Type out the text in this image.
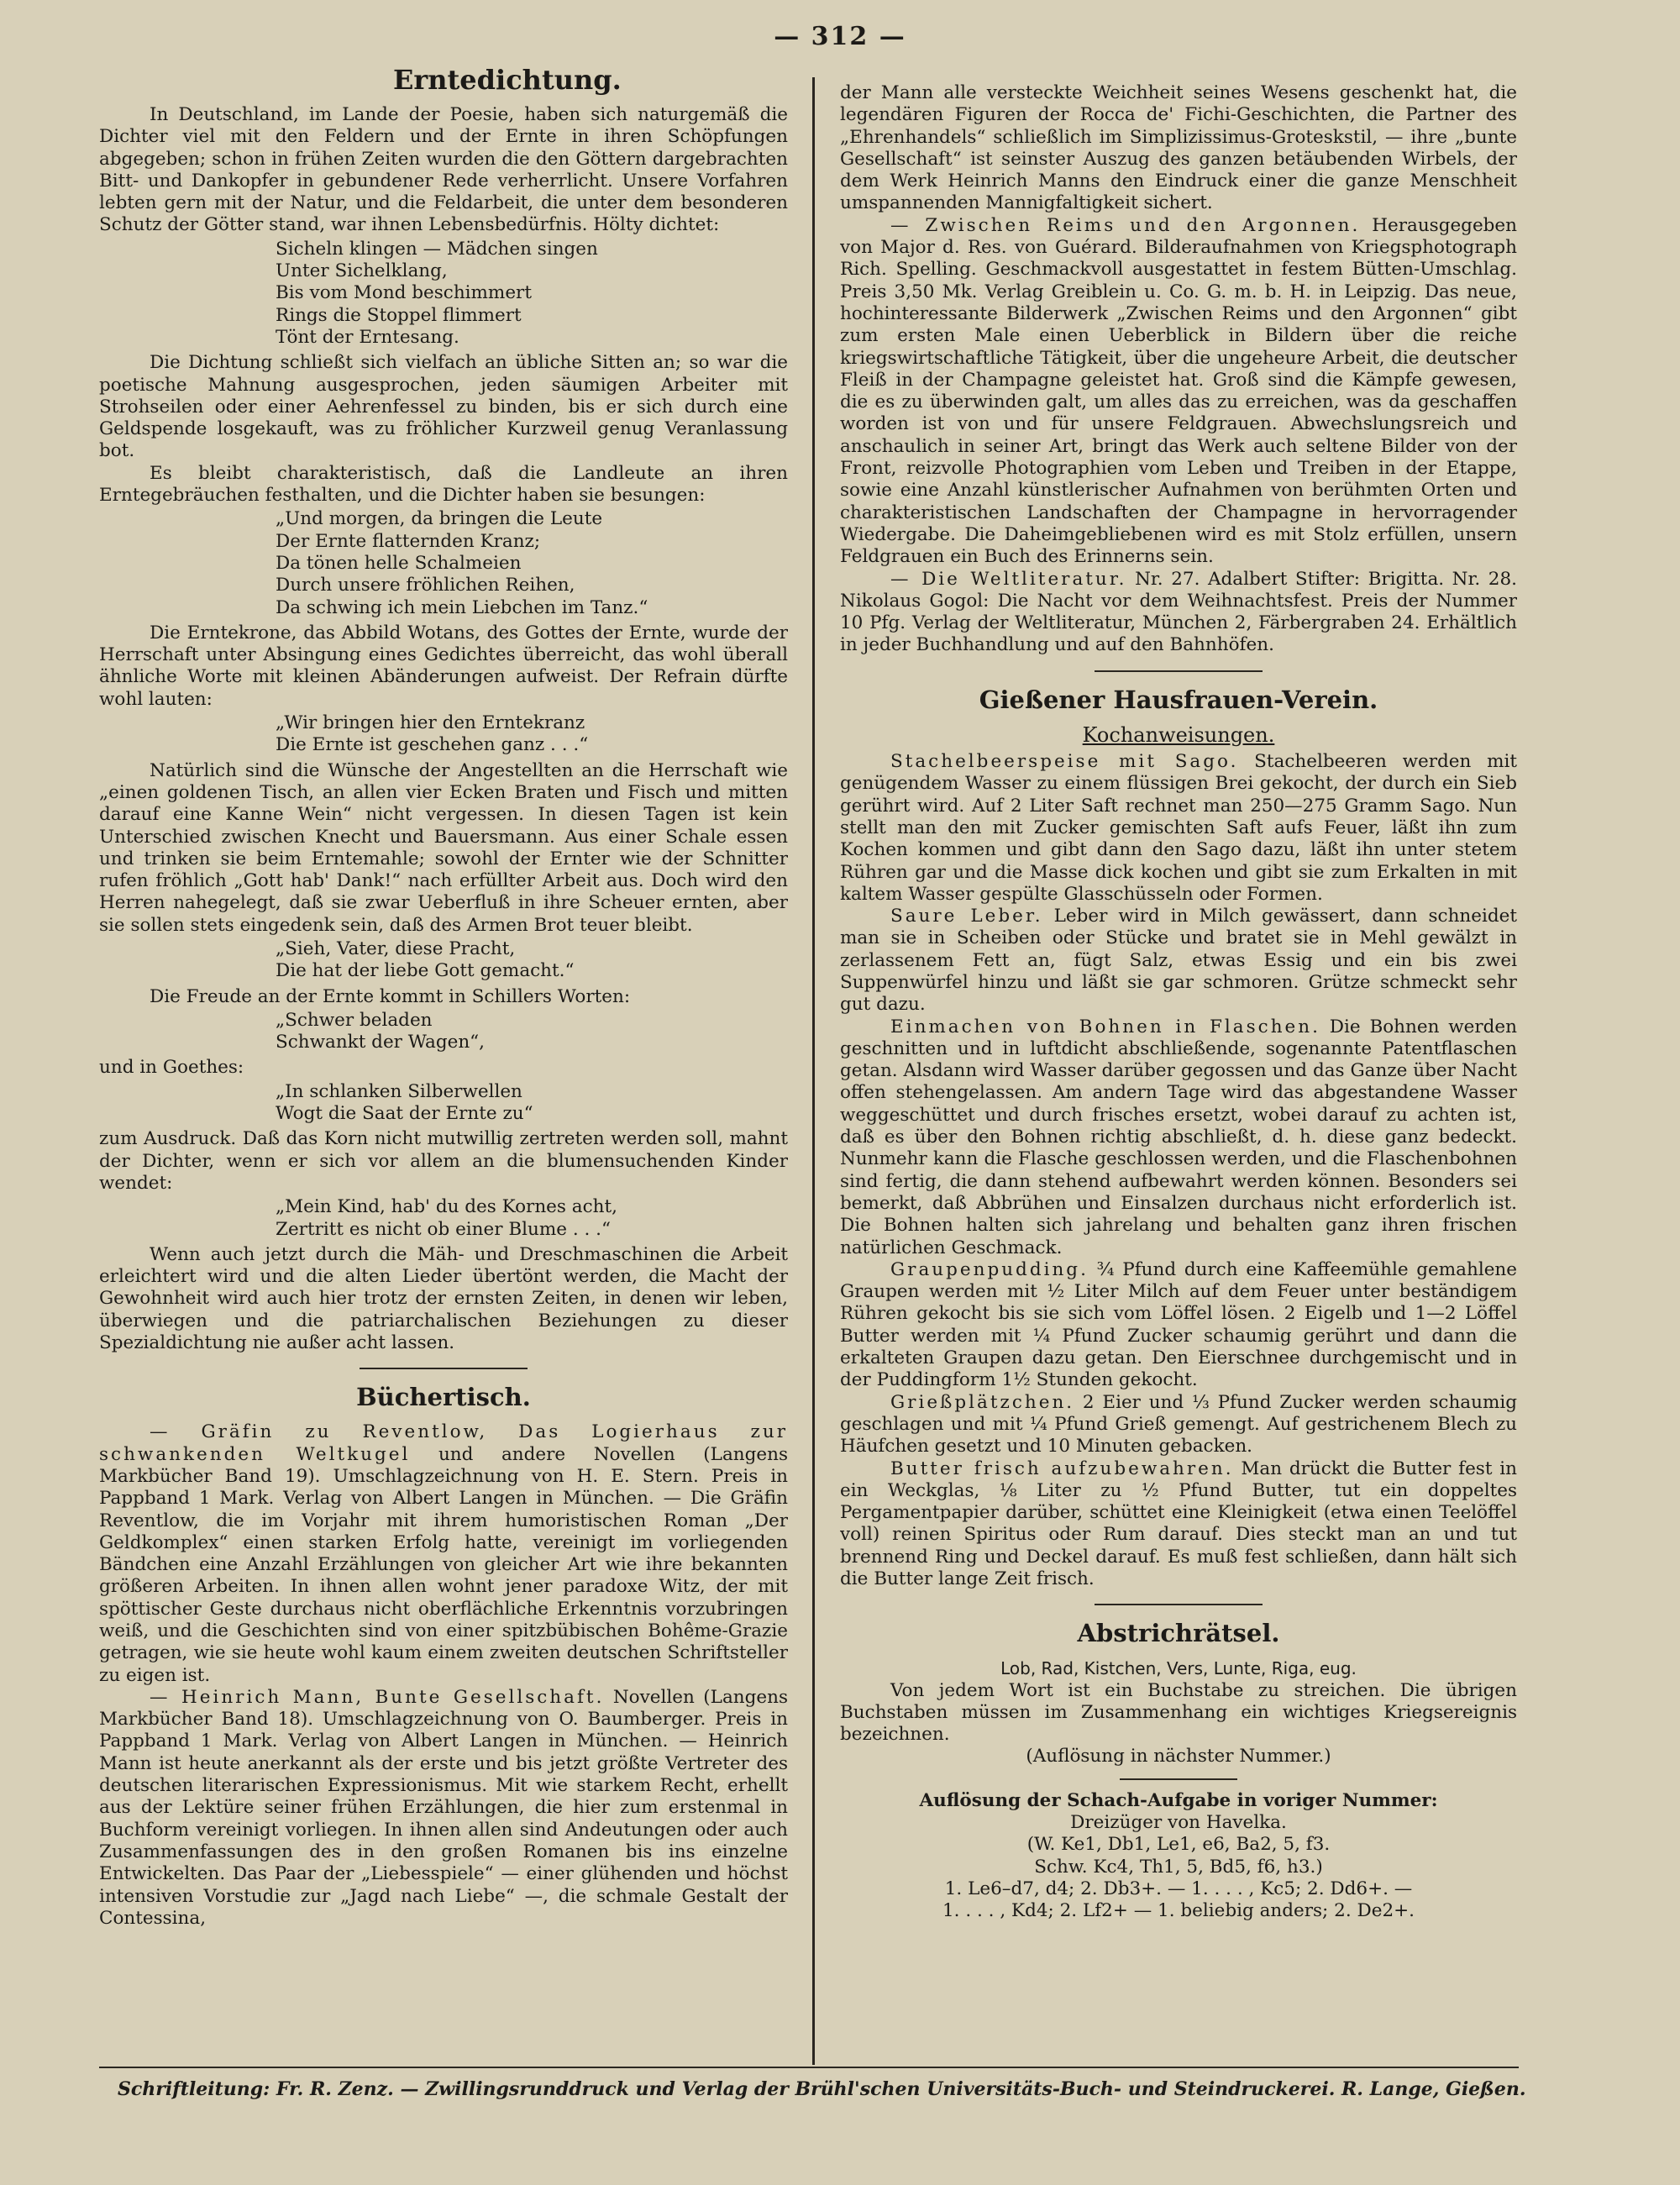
— 312 —
Erntedichtung.

In Deutschland, im Lande der Poesie, haben sich naturgemäß die Dichter viel mit den Feldern und der Ernte in ihren Schöpfungen abgegeben; schon in frühen Zeiten wurden die den Göttern dargebrachten Bitt- und Dankopfer in gebundener Rede verherrlicht. Unsere Vorfahren lebten gern mit der Natur, und die Feldarbeit, die unter dem besonderen Schutz der Götter stand, war ihnen Lebensbedürfnis. Hölty dichtet:

Sicheln klingen — Mädchen singen
Unter Sichelklang,
Bis vom Mond beschimmert
Rings die Stoppel flimmert
Tönt der Erntesang.

Die Dichtung schließt sich vielfach an übliche Sitten an; so war die poetische Mahnung ausgesprochen, jeden säumigen Arbeiter mit Strohseilen oder einer Aehrenfessel zu binden, bis er sich durch eine Geldspende losgekauft, was zu fröhlicher Kurzweil genug Veranlassung bot.

Es bleibt charakteristisch, daß die Landleute an ihren Erntegebräuchen festhalten, und die Dichter haben sie besungen:

„Und morgen, da bringen die Leute
Der Ernte flatternden Kranz;
Da tönen helle Schalmeien
Durch unsere fröhlichen Reihen,
Da schwing ich mein Liebchen im Tanz.“

Die Erntekrone, das Abbild Wotans, des Gottes der Ernte, wurde der Herrschaft unter Absingung eines Gedichtes überreicht, das wohl überall ähnliche Worte mit kleinen Abänderungen aufweist. Der Refrain dürfte wohl lauten:

„Wir bringen hier den Erntekranz
Die Ernte ist geschehen ganz . . .“

Natürlich sind die Wünsche der Angestellten an die Herrschaft wie „einen goldenen Tisch, an allen vier Ecken Braten und Fisch und mitten darauf eine Kanne Wein“ nicht vergessen. In diesen Tagen ist kein Unterschied zwischen Knecht und Bauersmann. Aus einer Schale essen und trinken sie beim Erntemahle; sowohl der Ernter wie der Schnitter rufen fröhlich „Gott hab' Dank!“ nach erfüllter Arbeit aus. Doch wird den Herren nahegelegt, daß sie zwar Ueberfluß in ihre Scheuer ernten, aber sie sollen stets eingedenk sein, daß des Armen Brot teuer bleibt.

„Sieh, Vater, diese Pracht,
Die hat der liebe Gott gemacht.“

Die Freude an der Ernte kommt in Schillers Worten:

„Schwer beladen
Schwankt der Wagen“,

und in Goethes:

„In schlanken Silberwellen
Wogt die Saat der Ernte zu“

zum Ausdruck. Daß das Korn nicht mutwillig zertreten werden soll, mahnt der Dichter, wenn er sich vor allem an die blumensuchenden Kinder wendet:

„Mein Kind, hab' du des Kornes acht,
Zertritt es nicht ob einer Blume . . .“

Wenn auch jetzt durch die Mäh- und Dreschmaschinen die Arbeit erleichtert wird und die alten Lieder übertönt werden, die Macht der Gewohnheit wird auch hier trotz der ernsten Zeiten, in denen wir leben, überwiegen und die patriarchalischen Beziehungen zu dieser Spezialdichtung nie außer acht lassen.

Büchertisch.

— Gräfin zu Reventlow, Das Logierhaus zur schwankenden Weltkugel und andere Novellen (Langens Markbücher Band 19). Umschlagzeichnung von H. E. Stern. Preis in Pappband 1 Mark. Verlag von Albert Langen in München. — Die Gräfin Reventlow, die im Vorjahr mit ihrem humoristischen Roman „Der Geldkomplex“ einen starken Erfolg hatte, vereinigt im vorliegenden Bändchen eine Anzahl Erzählungen von gleicher Art wie ihre bekannten größeren Arbeiten. In ihnen allen wohnt jener paradoxe Witz, der mit spöttischer Geste durchaus nicht oberflächliche Erkenntnis vorzubringen weiß, und die Geschichten sind von einer spitzbübischen Bohême-Grazie getragen, wie sie heute wohl kaum einem zweiten deutschen Schriftsteller zu eigen ist.

— Heinrich Mann, Bunte Gesellschaft. Novellen (Langens Markbücher Band 18). Umschlagzeichnung von O. Baumberger. Preis in Pappband 1 Mark. Verlag von Albert Langen in München. — Heinrich Mann ist heute anerkannt als der erste und bis jetzt größte Vertreter des deutschen literarischen Expressionismus. Mit wie starkem Recht, erhellt aus der Lektüre seiner frühen Erzählungen, die hier zum erstenmal in Buchform vereinigt vorliegen. In ihnen allen sind Andeutungen oder auch Zusammenfassungen des in den großen Romanen bis ins einzelne Entwickelten. Das Paar der „Liebesspiele“ — einer glühenden und höchst intensiven Vorstudie zur „Jagd nach Liebe“ —, die schmale Gestalt der Contessina,

der Mann alle versteckte Weichheit seines Wesens geschenkt hat, die legendären Figuren der Rocca de' Fichi-Geschichten, die Partner des „Ehrenhandels“ schließlich im Simplizissimus-Groteskstil, — ihre „bunte Gesellschaft“ ist seinster Auszug des ganzen betäubenden Wirbels, der dem Werk Heinrich Manns den Eindruck einer die ganze Menschheit umspannenden Mannigfaltigkeit sichert.

— Zwischen Reims und den Argonnen. Herausgegeben von Major d. Res. von Guérard. Bilderaufnahmen von Kriegsphotograph Rich. Spelling. Geschmackvoll ausgestattet in festem Bütten-Umschlag. Preis 3,50 Mk. Verlag Greiblein u. Co. G. m. b. H. in Leipzig. Das neue, hochinteressante Bilderwerk „Zwischen Reims und den Argonnen“ gibt zum ersten Male einen Ueberblick in Bildern über die reiche kriegswirtschaftliche Tätigkeit, über die ungeheure Arbeit, die deutscher Fleiß in der Champagne geleistet hat. Groß sind die Kämpfe gewesen, die es zu überwinden galt, um alles das zu erreichen, was da geschaffen worden ist von und für unsere Feldgrauen. Abwechslungsreich und anschaulich in seiner Art, bringt das Werk auch seltene Bilder von der Front, reizvolle Photographien vom Leben und Treiben in der Etappe, sowie eine Anzahl künstlerischer Aufnahmen von berühmten Orten und charakteristischen Landschaften der Champagne in hervorragender Wiedergabe. Die Daheimgebliebenen wird es mit Stolz erfüllen, unsern Feldgrauen ein Buch des Erinnerns sein.

— Die Weltliteratur. Nr. 27. Adalbert Stifter: Brigitta. Nr. 28. Nikolaus Gogol: Die Nacht vor dem Weihnachtsfest. Preis der Nummer 10 Pfg. Verlag der Weltliteratur, München 2, Färbergraben 24. Erhältlich in jeder Buchhandlung und auf den Bahnhöfen.

Gießener Hausfrauen-Verein.
Kochanweisungen.

Stachelbeerspeise mit Sago. Stachelbeeren werden mit genügendem Wasser zu einem flüssigen Brei gekocht, der durch ein Sieb gerührt wird. Auf 2 Liter Saft rechnet man 250—275 Gramm Sago. Nun stellt man den mit Zucker gemischten Saft aufs Feuer, läßt ihn zum Kochen kommen und gibt dann den Sago dazu, läßt ihn unter stetem Rühren gar und die Masse dick kochen und gibt sie zum Erkalten in mit kaltem Wasser gespülte Glasschüsseln oder Formen.

Saure Leber. Leber wird in Milch gewässert, dann schneidet man sie in Scheiben oder Stücke und bratet sie in Mehl gewälzt in zerlassenem Fett an, fügt Salz, etwas Essig und ein bis zwei Suppenwürfel hinzu und läßt sie gar schmoren. Grütze schmeckt sehr gut dazu.

Einmachen von Bohnen in Flaschen. Die Bohnen werden geschnitten und in luftdicht abschließende, sogenannte Patentflaschen getan. Alsdann wird Wasser darüber gegossen und das Ganze über Nacht offen stehengelassen. Am andern Tage wird das abgestandene Wasser weggeschüttet und durch frisches ersetzt, wobei darauf zu achten ist, daß es über den Bohnen richtig abschließt, d. h. diese ganz bedeckt. Nunmehr kann die Flasche geschlossen werden, und die Flaschenbohnen sind fertig, die dann stehend aufbewahrt werden können. Besonders sei bemerkt, daß Abbrühen und Einsalzen durchaus nicht erforderlich ist. Die Bohnen halten sich jahrelang und behalten ganz ihren frischen natürlichen Geschmack.

Graupenpudding. ¾ Pfund durch eine Kaffeemühle gemahlene Graupen werden mit ½ Liter Milch auf dem Feuer unter beständigem Rühren gekocht bis sie sich vom Löffel lösen. 2 Eigelb und 1—2 Löffel Butter werden mit ¼ Pfund Zucker schaumig gerührt und dann die erkalteten Graupen dazu getan. Den Eierschnee durchgemischt und in der Puddingform 1½ Stunden gekocht.

Grießplätzchen. 2 Eier und ⅓ Pfund Zucker werden schaumig geschlagen und mit ¼ Pfund Grieß gemengt. Auf gestrichenem Blech zu Häufchen gesetzt und 10 Minuten gebacken.

Butter frisch aufzubewahren. Man drückt die Butter fest in ein Weckglas, ⅛ Liter zu ½ Pfund Butter, tut ein doppeltes Pergamentpapier darüber, schüttet eine Kleinigkeit (etwa einen Teelöffel voll) reinen Spiritus oder Rum darauf. Dies steckt man an und tut brennend Ring und Deckel darauf. Es muß fest schließen, dann hält sich die Butter lange Zeit frisch.

Abstrichrätsel.

Lob, Rad, Kistchen, Vers, Lunte, Riga, eug.

Von jedem Wort ist ein Buchstabe zu streichen. Die übrigen Buchstaben müssen im Zusammenhang ein wichtiges Kriegsereignis bezeichnen.

(Auflösung in nächster Nummer.)

Auflösung der Schach-Aufgabe in voriger Nummer:

Dreizüger von Havelka.

(W. Ke1, Db1, Le1, e6, Ba2, 5, f3.

Schw. Kc4, Th1, 5, Bd5, f6, h3.)

1. Le6–d7, d4; 2. Db3+. — 1. . . . , Kc5; 2. Dd6+. —

1. . . . , Kd4; 2. Lf2+ — 1. beliebig anders; 2. De2+.

Schriftleitung: Fr. R. Zenz. — Zwillingsrunddruck und Verlag der Brühl'schen Universitäts-Buch- und Steindruckerei. R. Lange, Gießen.
